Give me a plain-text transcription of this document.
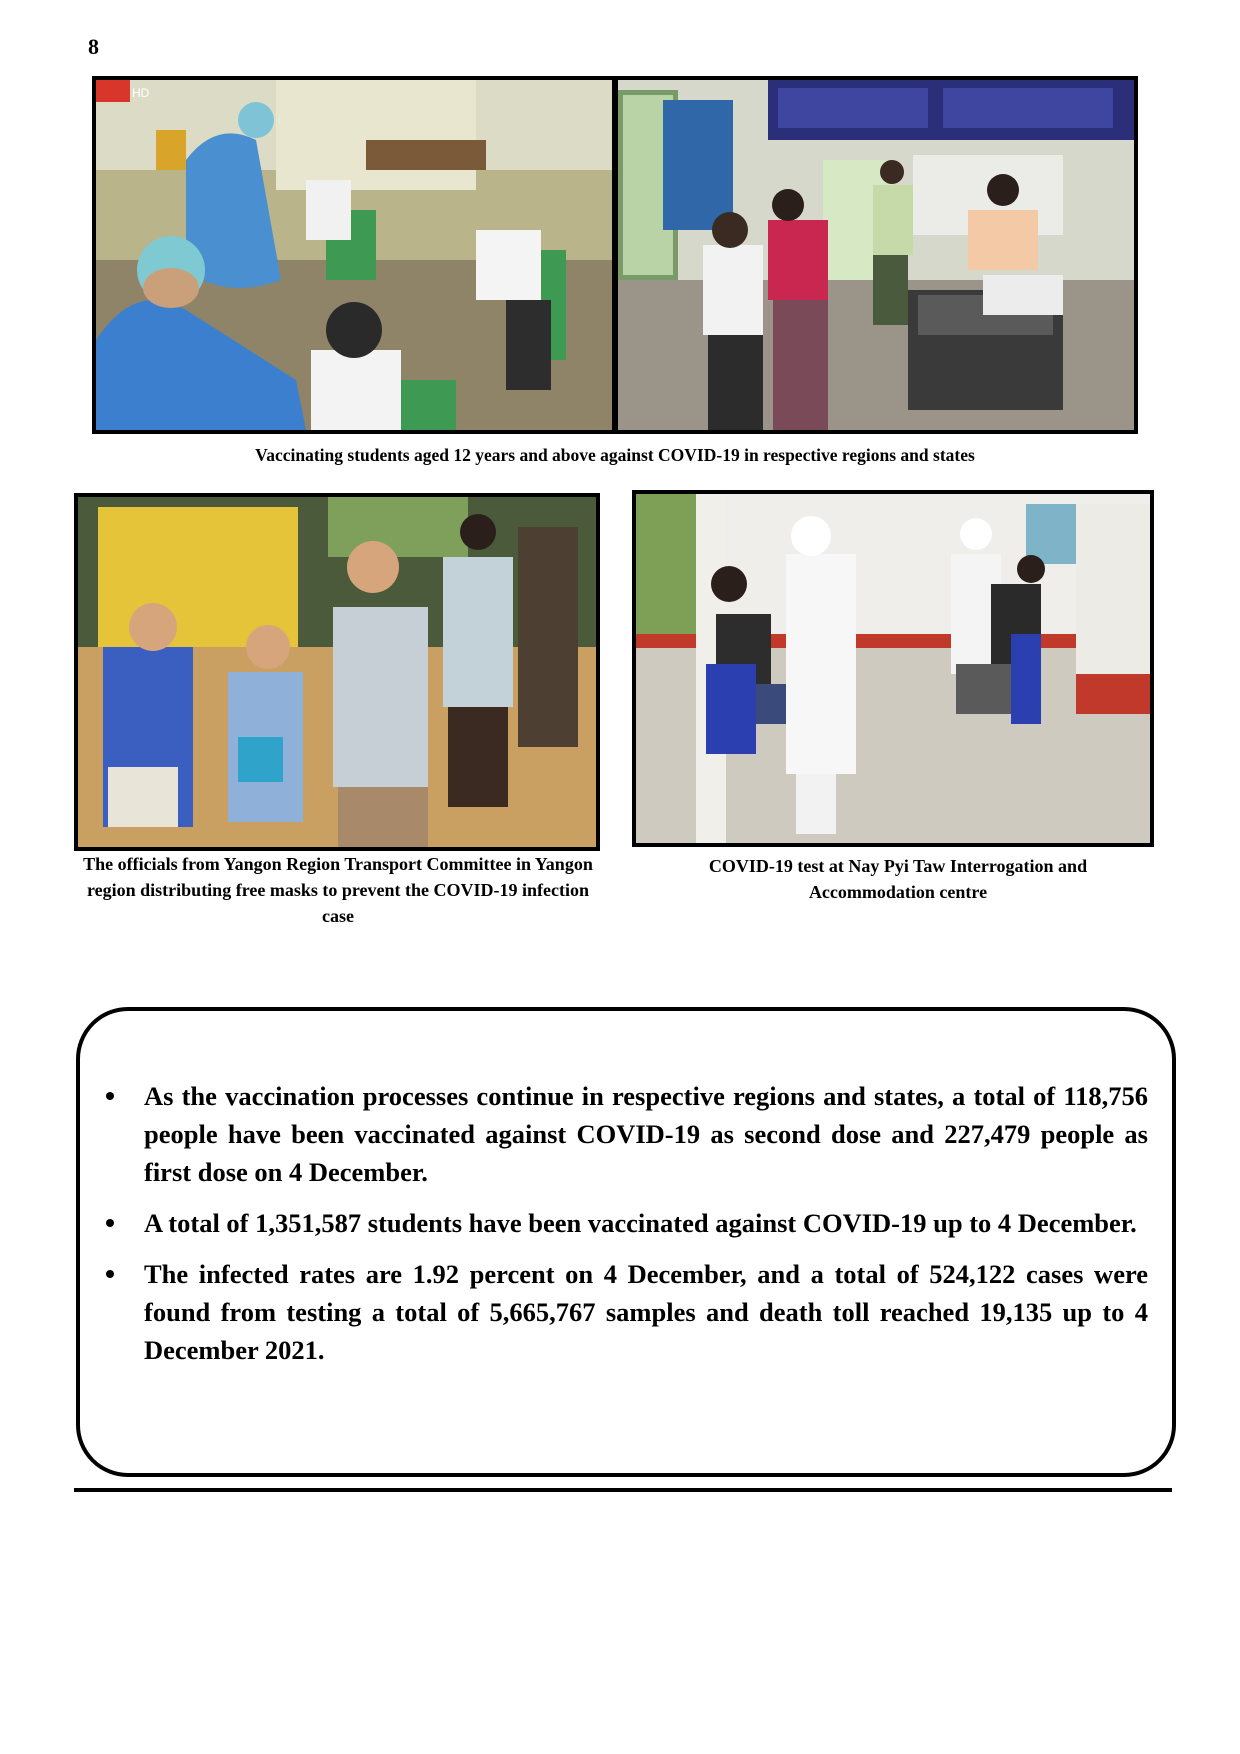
8
HD
Vaccinating students aged 12 years and above against COVID-19 in respective regions and states
The officials from Yangon Region Transport Committee in Yangon region distributing free masks to prevent the COVID-19 infection case
COVID-19 test at Nay Pyi Taw Interrogation and Accommodation centre
As the vaccination processes continue in respective regions and states, a total of 118,756 people have been vaccinated against COVID-19 as second dose and 227,479 people as first dose on 4 December.
A total of 1,351,587 students have been vaccinated against COVID-19 up to 4 December.
The infected rates are 1.92 percent on 4 December, and a total of 524,122 cases were found from testing a total of 5,665,767 samples and death toll reached 19,135 up to 4 December 2021.
